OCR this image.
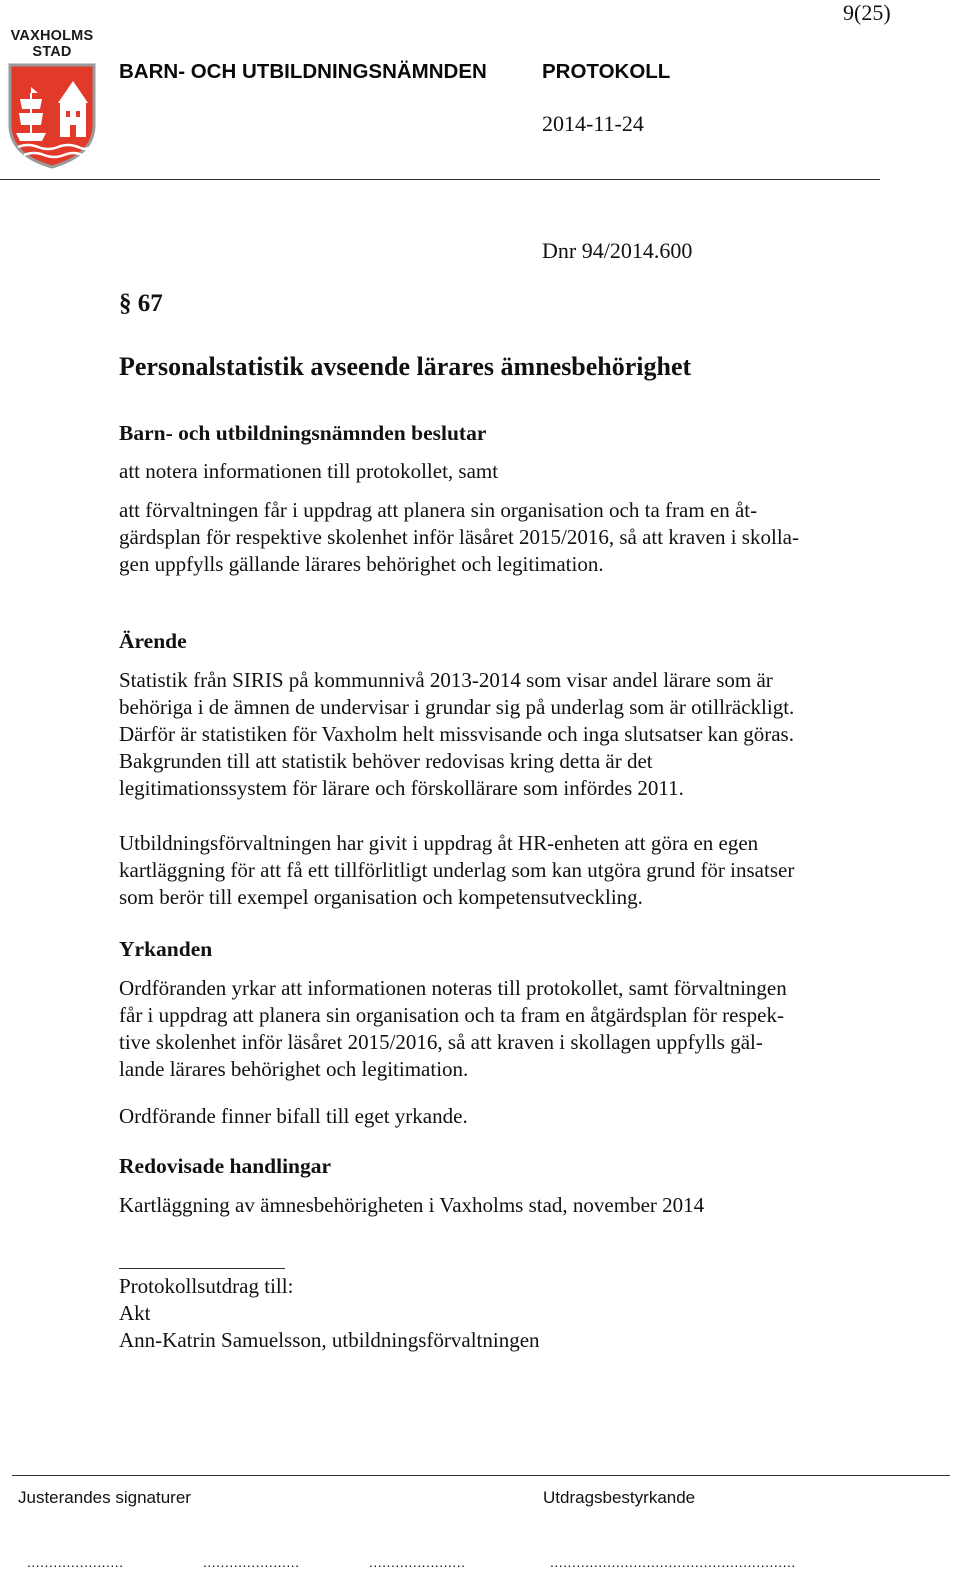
9(25)
VAXHOLMS
STAD
BARN- OCH UTBILDNINGSNÄMNDEN	PROTOKOLL
2014-11-24
Dnr 94/2014.600
§ 67
Personalstatistik avseende lärares ämnesbehörighet
Barn- och utbildningsnämnden beslutar
att notera informationen till protokollet, samt
att förvaltningen får i uppdrag att planera sin organisation och ta fram en åt-
gärdsplan för respektive skolenhet inför läsåret 2015/2016, så att kraven i skolla-
gen uppfylls gällande lärares behörighet och legitimation.
Ärende
Statistik från SIRIS på kommunnivå 2013-2014 som visar andel lärare som är
behöriga i de ämnen de undervisar i grundar sig på underlag som är otillräckligt.
Därför är statistiken för Vaxholm helt missvisande och inga slutsatser kan göras.
Bakgrunden till att statistik behöver redovisas kring detta är det
legitimationssystem för lärare och förskollärare som infördes 2011.
Utbildningsförvaltningen har givit i uppdrag åt HR-enheten att göra en egen
kartläggning för att få ett tillförlitligt underlag som kan utgöra grund för insatser
som berör till exempel organisation och kompetensutveckling.
Yrkanden
Ordföranden yrkar att informationen noteras till protokollet, samt förvaltningen
får i uppdrag att planera sin organisation och ta fram en åtgärdsplan för respek-
tive skolenhet inför läsåret 2015/2016, så att kraven i skollagen uppfylls gäl-
lande lärares behörighet och legitimation.
Ordförande finner bifall till eget yrkande.
Redovisade handlingar
Kartläggning av ämnesbehörigheten i Vaxholms stad, november 2014
Protokollsutdrag till:
Akt
Ann-Katrin Samuelsson, utbildningsförvaltningen
Justerandes signaturer	Utdragsbestyrkande
......................	......................	......................	........................................................
